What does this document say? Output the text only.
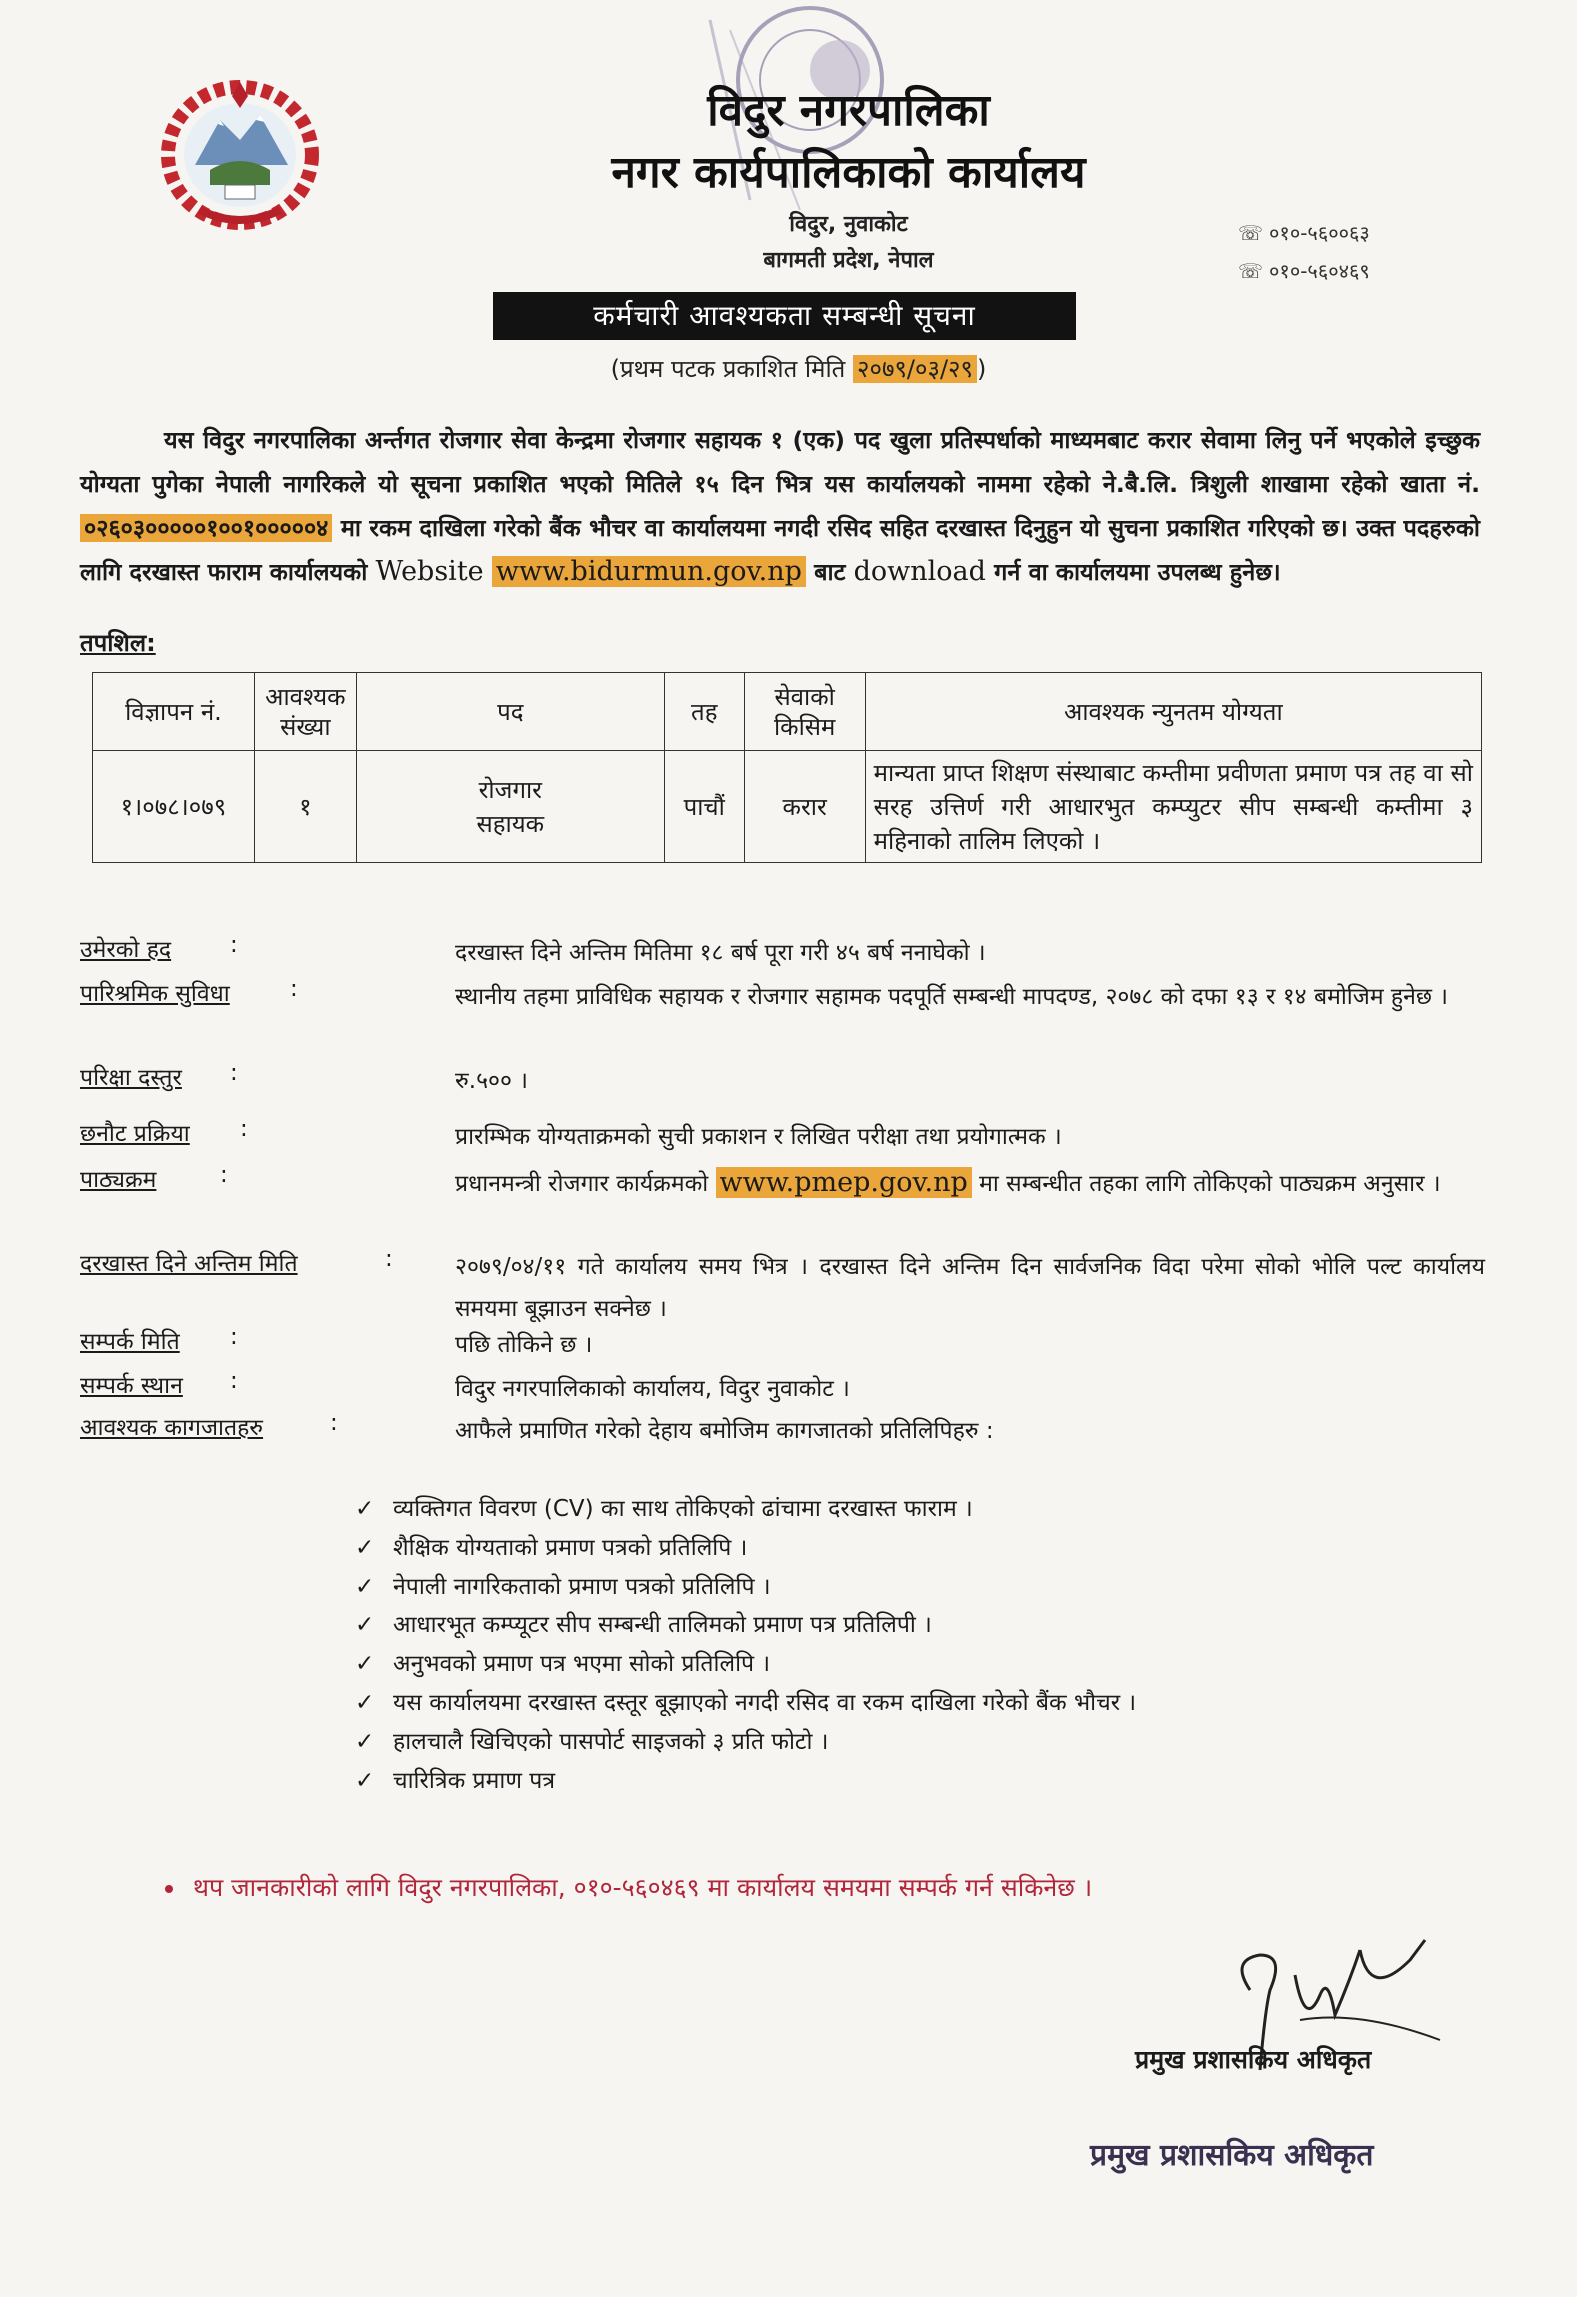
विदुर नगरपालिका
नगर कार्यपालिकाको कार्यालय
विदुर, नुवाकोट
बागमती प्रदेश, नेपाल
☏ ०१०-५६००६३
☏ ०१०-५६०४६९
कर्मचारी आवश्यकता सम्बन्धी सूचना
(प्रथम पटक प्रकाशित मिति २०७९/०३/२९ )
यस विदुर नगरपालिका अर्न्तगत रोजगार सेवा केन्द्रमा रोजगार सहायक १ (एक) पद खुला प्रतिस्पर्धाको माध्यमबाट करार सेवामा लिनु पर्ने भएकोले इच्छुक योग्यता पुगेका नेपाली नागरिकले यो सूचना प्रकाशित भएको मितिले १५ दिन भित्र यस कार्यालयको नाममा रहेको ने.बै.लि. त्रिशुली शाखामा रहेको खाता नं. ०२६०३०००००१००१०००००४ मा रकम दाखिला गरेको बैंक भौचर वा कार्यालयमा नगदी रसिद सहित दरखास्त दिनुहुन यो सुचना प्रकाशित गरिएको छ। उक्त पदहरुको लागि दरखास्त फाराम कार्यालयको Website www.bidurmun.gov.np बाट download गर्न वा कार्यालयमा उपलब्ध हुनेछ।
तपशिल:
विज्ञापन नं.	आवश्यक संख्या	पद	तह	सेवाको किसिम	आवश्यक न्युनतम योग्यता
१।०७८।०७९	१	रोजगार सहायक	पाचौं	करार	मान्यता प्राप्त शिक्षण संस्थाबाट कम्तीमा प्रवीणता प्रमाण पत्र तह वा सो सरह उत्तिर्ण गरी आधारभुत कम्प्युटर सीप सम्बन्धी कम्तीमा ३ महिनाको तालिम लिएको ।
उमेरको हद	:	दरखास्त दिने अन्तिम मितिमा १८ बर्ष पूरा गरी ४५ बर्ष ननाघेको ।
पारिश्रमिक सुविधा	:	स्थानीय तहमा प्राविधिक सहायक र रोजगार सहामक पदपूर्ति सम्बन्धी मापदण्ड, २०७८ को दफा १३ र १४ बमोजिम हुनेछ ।
परिक्षा दस्तुर :	रु.५०० ।
छनौट प्रक्रिया :	प्रारम्भिक योग्यताक्रमको सुची प्रकाशन र लिखित परीक्षा तथा प्रयोगात्मक ।
पाठ्यक्रम	:	प्रधानमन्त्री रोजगार कार्यक्रमको www.pmep.gov.np मा सम्बन्धीत तहका लागि तोकिएको पाठ्यक्रम अनुसार ।
दरखास्त दिने अन्तिम मिति	:	२०७९/०४/११ गते कार्यालय समय भित्र । दरखास्त दिने अन्तिम दिन सार्वजनिक विदा परेमा सोको भोलि पल्ट कार्यालय समयमा बूझाउन सक्नेछ ।
सम्पर्क मिति :	पछि तोकिने छ ।
सम्पर्क स्थान :	विदुर नगरपालिकाको कार्यालय, विदुर नुवाकोट ।
आवश्यक कागजातहरु	:	आफैले प्रमाणित गरेको देहाय बमोजिम कागजातको प्रतिलिपिहरु :
✓ व्यक्तिगत विवरण (CV) का साथ तोकिएको ढांचामा दरखास्त फाराम ।
✓ शैक्षिक योग्यताको प्रमाण पत्रको प्रतिलिपि ।
✓ नेपाली नागरिकताको प्रमाण पत्रको प्रतिलिपि ।
✓ आधारभूत कम्प्यूटर सीप सम्बन्धी तालिमको प्रमाण पत्र प्रतिलिपी ।
✓ अनुभवको प्रमाण पत्र भएमा सोको प्रतिलिपि ।
✓ यस कार्यालयमा दरखास्त दस्तूर बूझाएको नगदी रसिद वा रकम दाखिला गरेको बैंक भौचर ।
✓ हालचालै खिचिएको पासपोर्ट साइजको ३ प्रति फोटो ।
✓ चारित्रिक प्रमाण पत्र
थप जानकारीको लागि विदुर नगरपालिका, ०१०-५६०४६९ मा कार्यालय समयमा सम्पर्क गर्न सकिनेछ ।
प्रमुख प्रशासकिय अधिकृत
प्रमुख प्रशासकिय अधिकृत
